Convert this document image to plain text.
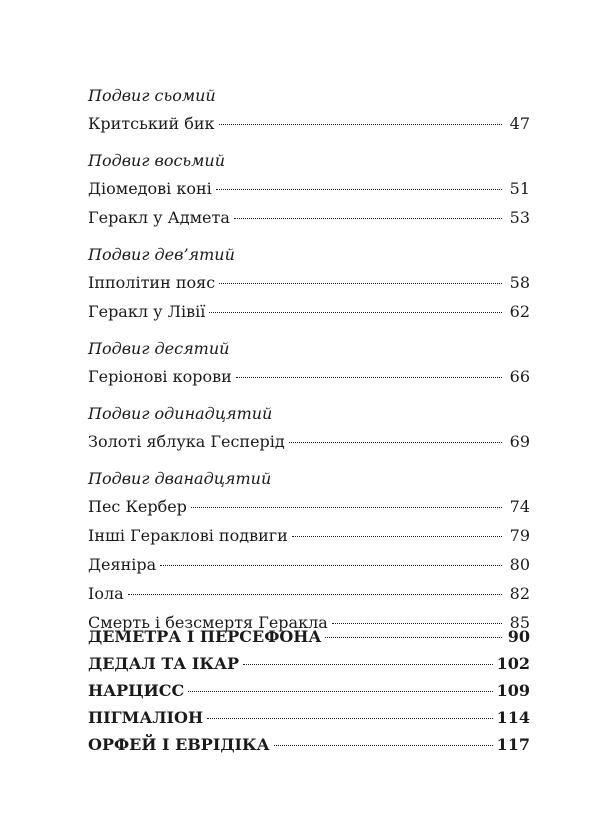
Подвиг сьомий
Критський бик	47
Подвиг восьмий
Діомедові коні	51
Геракл у Адмета	53
Подвиг дев’ятий
Іпполітин пояс	58
Геракл у Лівії	62
Подвиг десятий
Геріонові корови	66
Подвиг одинадцятий
Золоті яблука Гесперід	69
Подвиг дванадцятий
Пес Кербер	74
Інші Гераклові подвиги	79
Деяніра	80
Іола	82
Смерть і безсмертя Геракла	85
ДЕМЕТРА І ПЕРСЕФОНА	90
ДЕДАЛ ТА ІКАР	102
НАРЦИСС	109
ПІГМАЛІОН	114
ОРФЕЙ І ЕВРІДІКА	117
